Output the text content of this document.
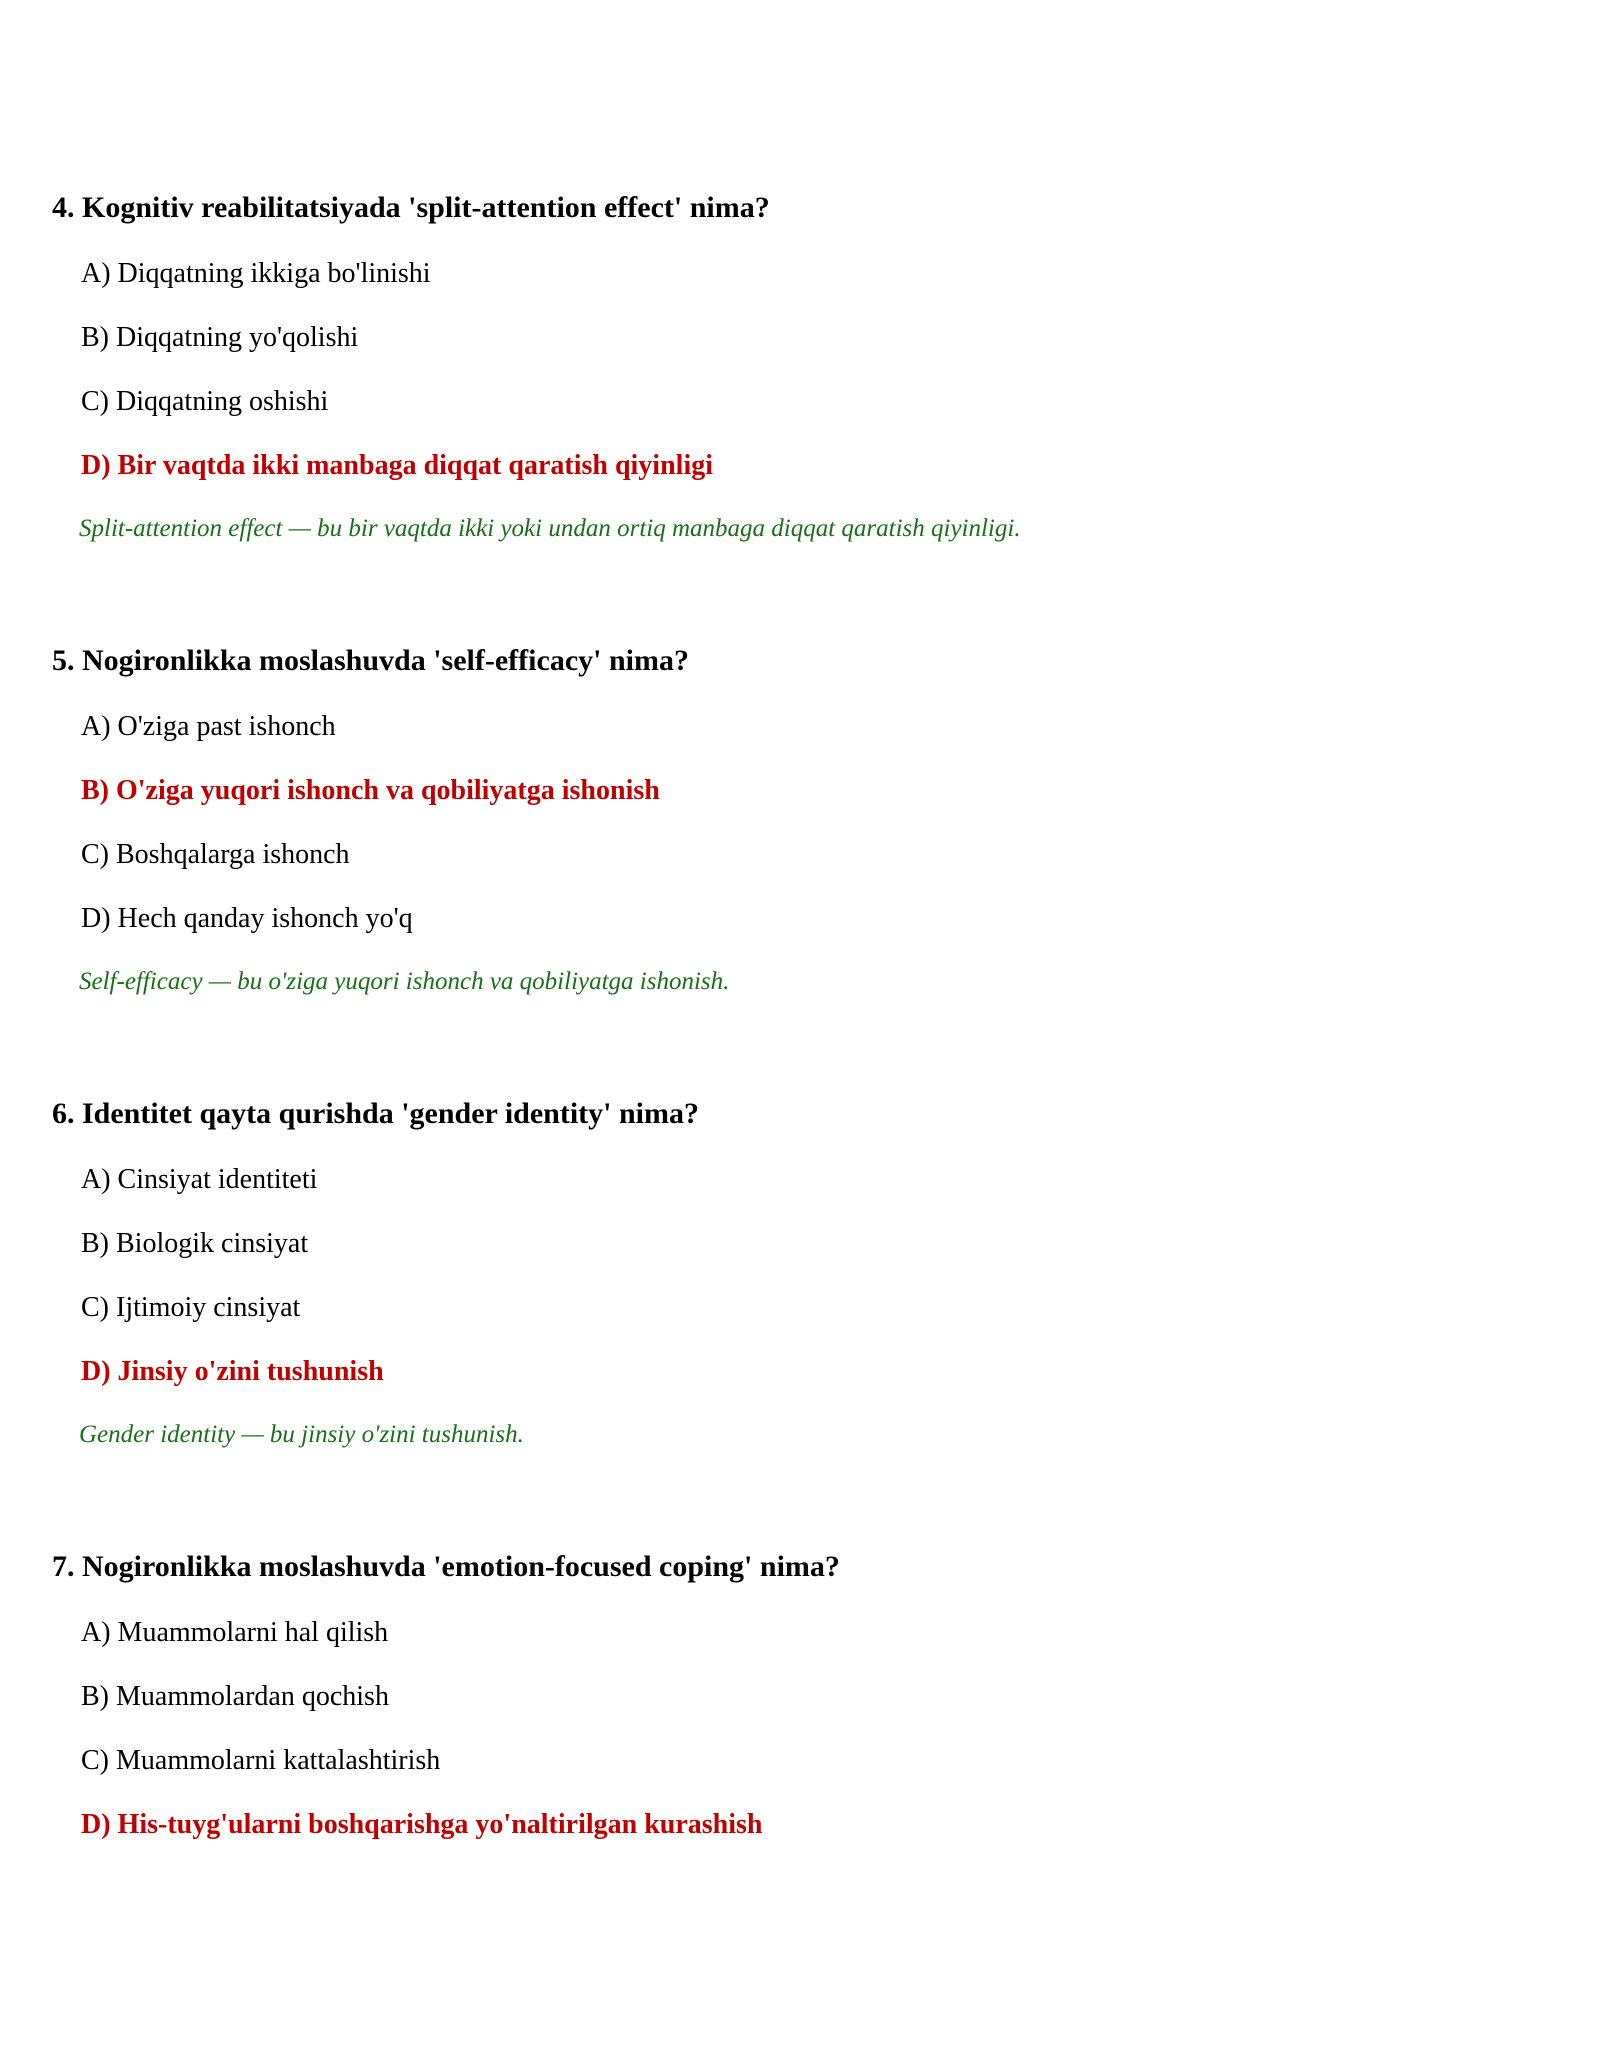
4. Kognitiv reabilitatsiyada 'split-attention effect' nima?
A) Diqqatning ikkiga bo'linishi
B) Diqqatning yo'qolishi
C) Diqqatning oshishi
D) Bir vaqtda ikki manbaga diqqat qaratish qiyinligi
Split-attention effect — bu bir vaqtda ikki yoki undan ortiq manbaga diqqat qaratish qiyinligi.
5. Nogironlikka moslashuvda 'self-efficacy' nima?
A) O'ziga past ishonch
B) O'ziga yuqori ishonch va qobiliyatga ishonish
C) Boshqalarga ishonch
D) Hech qanday ishonch yo'q
Self-efficacy — bu o'ziga yuqori ishonch va qobiliyatga ishonish.
6. Identitet qayta qurishda 'gender identity' nima?
A) Cinsiyat identiteti
B) Biologik cinsiyat
C) Ijtimoiy cinsiyat
D) Jinsiy o'zini tushunish
Gender identity — bu jinsiy o'zini tushunish.
7. Nogironlikka moslashuvda 'emotion-focused coping' nima?
A) Muammolarni hal qilish
B) Muammolardan qochish
C) Muammolarni kattalashtirish
D) His-tuyg'ularni boshqarishga yo'naltirilgan kurashish
